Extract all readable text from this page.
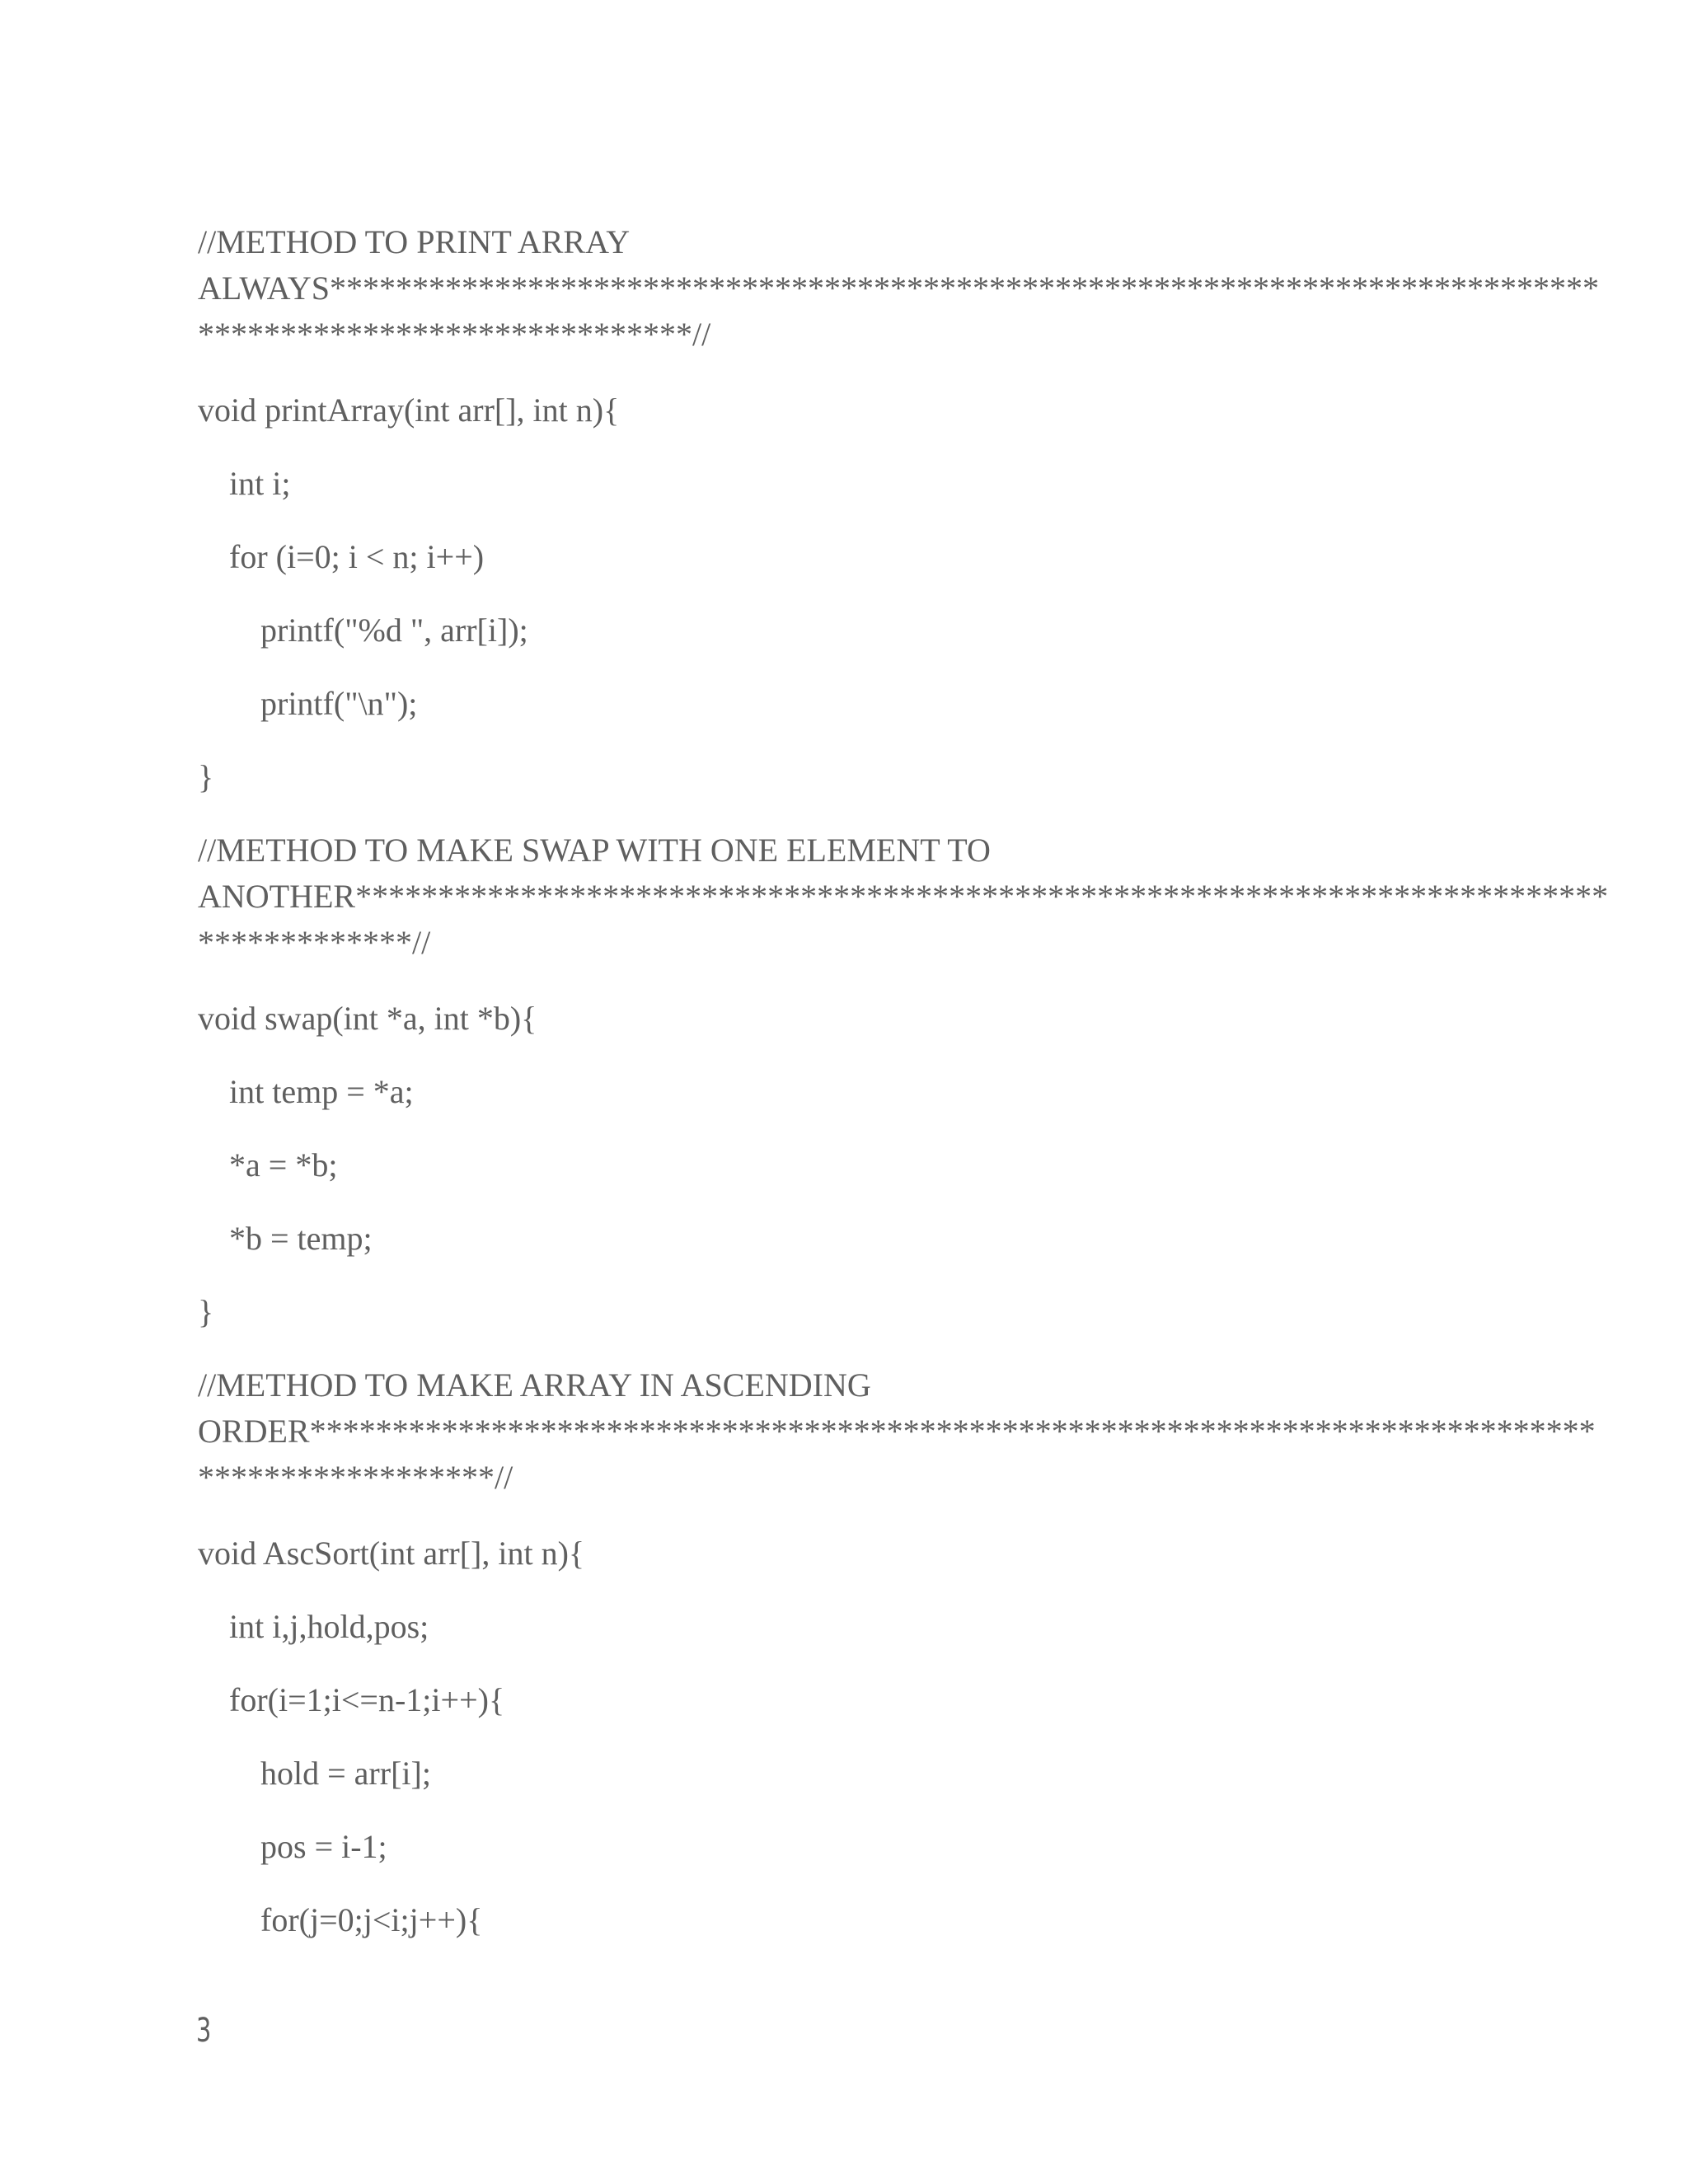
//METHOD TO PRINT ARRAY
ALWAYS*****************************************************************************
******************************//
void printArray(int arr[], int n){
int i;
for (i=0; i < n; i++)
printf("%d ", arr[i]);
printf("\n");
}
//METHOD TO MAKE SWAP WITH ONE ELEMENT TO
ANOTHER****************************************************************************
*************//
void swap(int *a, int *b){
int temp = *a;
*a = *b;
*b = temp;
}
//METHOD TO MAKE ARRAY IN ASCENDING
ORDER******************************************************************************
******************//
void AscSort(int arr[], int n){
int i,j,hold,pos;
for(i=1;i<=n-1;i++){
hold = arr[i];
pos = i-1;
for(j=0;j<i;j++){
3
